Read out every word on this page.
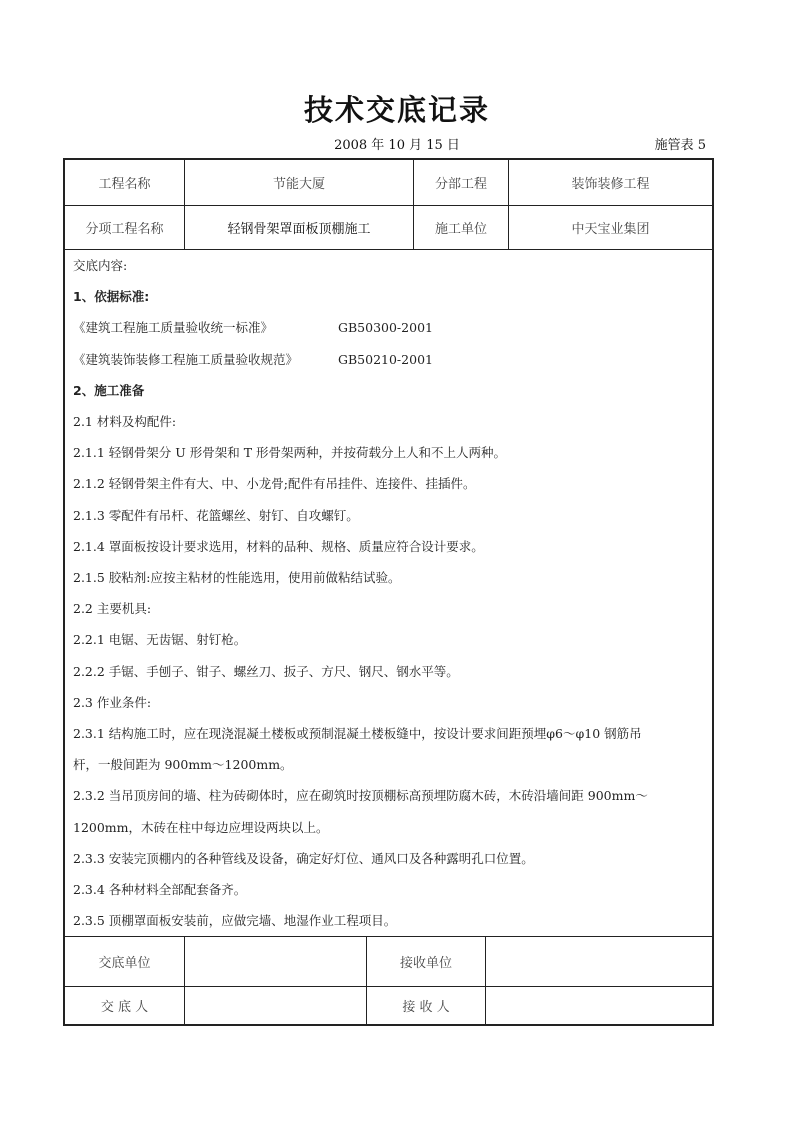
技术交底记录
2008 年 10 月 15 日	施管表 5
工程名称	节能大厦	分部工程	装饰装修工程
分项工程名称	轻钢骨架罩面板顶棚施工	施工单位	中天宝业集团
交底内容:
1、依据标准:
《建筑工程施工质量验收统一标准》	GB50300-2001
《建筑装饰装修工程施工质量验收规范》	GB50210-2001
2、施工准备
2.1 材料及构配件:
2.1.1 轻钢骨架分 U 形骨架和 T 形骨架两种，并按荷载分上人和不上人两种。
2.1.2 轻钢骨架主件有大、中、小龙骨;配件有吊挂件、连接件、挂插件。
2.1.3 零配件有吊杆、花篮螺丝、射钉、自攻螺钉。
2.1.4 罩面板按设计要求选用，材料的品种、规格、质量应符合设计要求。
2.1.5 胶粘剂:应按主粘材的性能选用，使用前做粘结试验。
2.2 主要机具:
2.2.1 电锯、无齿锯、射钉枪。
2.2.2 手锯、手刨子、钳子、螺丝刀、扳子、方尺、钢尺、钢水平等。
2.3 作业条件:
2.3.1 结构施工时，应在现浇混凝土楼板或预制混凝土楼板缝中，按设计要求间距预埋φ6～φ10 钢筋吊
杆，一般间距为 900mm～1200mm。
2.3.2 当吊顶房间的墙、柱为砖砌体时，应在砌筑时按顶棚标高预埋防腐木砖，木砖沿墙间距 900mm～
1200mm，木砖在柱中每边应埋设两块以上。
2.3.3 安装完顶棚内的各种管线及设备，确定好灯位、通风口及各种露明孔口位置。
2.3.4 各种材料全部配套备齐。
2.3.5 顶棚罩面板安装前，应做完墙、地湿作业工程项目。
交底单位	接收单位
交 底 人	接 收 人
